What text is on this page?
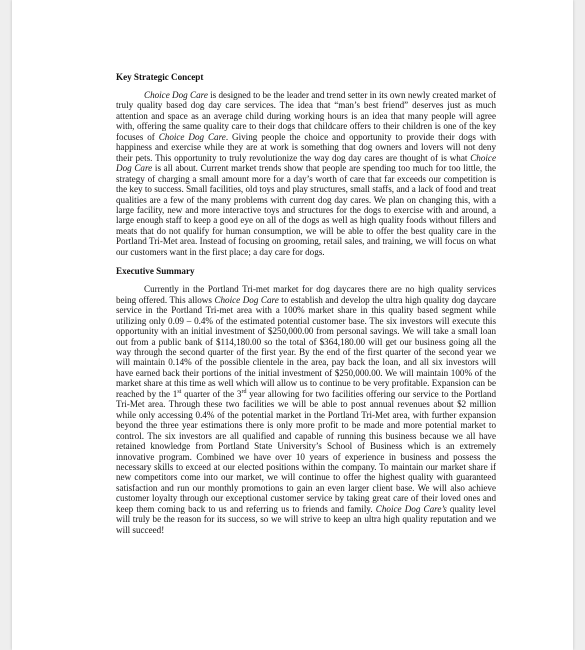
Key Strategic Concept

Choice Dog Care is designed to be the leader and trend setter in its own newly created market of truly quality based dog day care services. The idea that “man’s best friend” deserves just as much attention and space as an average child during working hours is an idea that many people will agree with, offering the same quality care to their dogs that childcare offers to their children is one of the key focuses of Choice Dog Care. Giving people the choice and opportunity to provide their dogs with happiness and exercise while they are at work is something that dog owners and lovers will not deny their pets. This opportunity to truly revolutionize the way dog day cares are thought of is what Choice Dog Care is all about. Current market trends show that people are spending too much for too little, the strategy of charging a small amount more for a day’s worth of care that far exceeds our competition is the key to success. Small facilities, old toys and play structures, small staffs, and a lack of food and treat qualities are a few of the many problems with current dog day cares. We plan on changing this, with a large facility, new and more interactive toys and structures for the dogs to exercise with and around, a large enough staff to keep a good eye on all of the dogs as well as high quality foods without fillers and meats that do not qualify for human consumption, we will be able to offer the best quality care in the Portland Tri-Met area. Instead of focusing on grooming, retail sales, and training, we will focus on what our customers want in the first place; a day care for dogs.

Executive Summary

Currently in the Portland Tri-met market for dog daycares there are no high quality services being offered. This allows Choice Dog Care to establish and develop the ultra high quality dog daycare service in the Portland Tri-met area with a 100% market share in this quality based segment while utilizing only 0.09 – 0.4% of the estimated potential customer base. The six investors will execute this opportunity with an initial investment of $250,000.00 from personal savings. We will take a small loan out from a public bank of $114,180.00 so the total of $364,180.00 will get our business going all the way through the second quarter of the first year. By the end of the first quarter of the second year we will maintain 0.14% of the possible clientele in the area, pay back the loan, and all six investors will have earned back their portions of the initial investment of $250,000.00. We will maintain 100% of the market share at this time as well which will allow us to continue to be very profitable. Expansion can be reached by the 1st quarter of the 3rd year allowing for two facilities offering our service to the Portland Tri-Met area. Through these two facilities we will be able to post annual revenues about $2 million while only accessing 0.4% of the potential market in the Portland Tri-Met area, with further expansion beyond the three year estimations there is only more profit to be made and more potential market to control. The six investors are all qualified and capable of running this business because we all have retained knowledge from Portland State University’s School of Business which is an extremely innovative program. Combined we have over 10 years of experience in business and possess the necessary skills to exceed at our elected positions within the company. To maintain our market share if new competitors come into our market, we will continue to offer the highest quality with guaranteed satisfaction and run our monthly promotions to gain an even larger client base. We will also achieve customer loyalty through our exceptional customer service by taking great care of their loved ones and keep them coming back to us and referring us to friends and family. Choice Dog Care’s quality level will truly be the reason for its success, so we will strive to keep an ultra high quality reputation and we will succeed!
